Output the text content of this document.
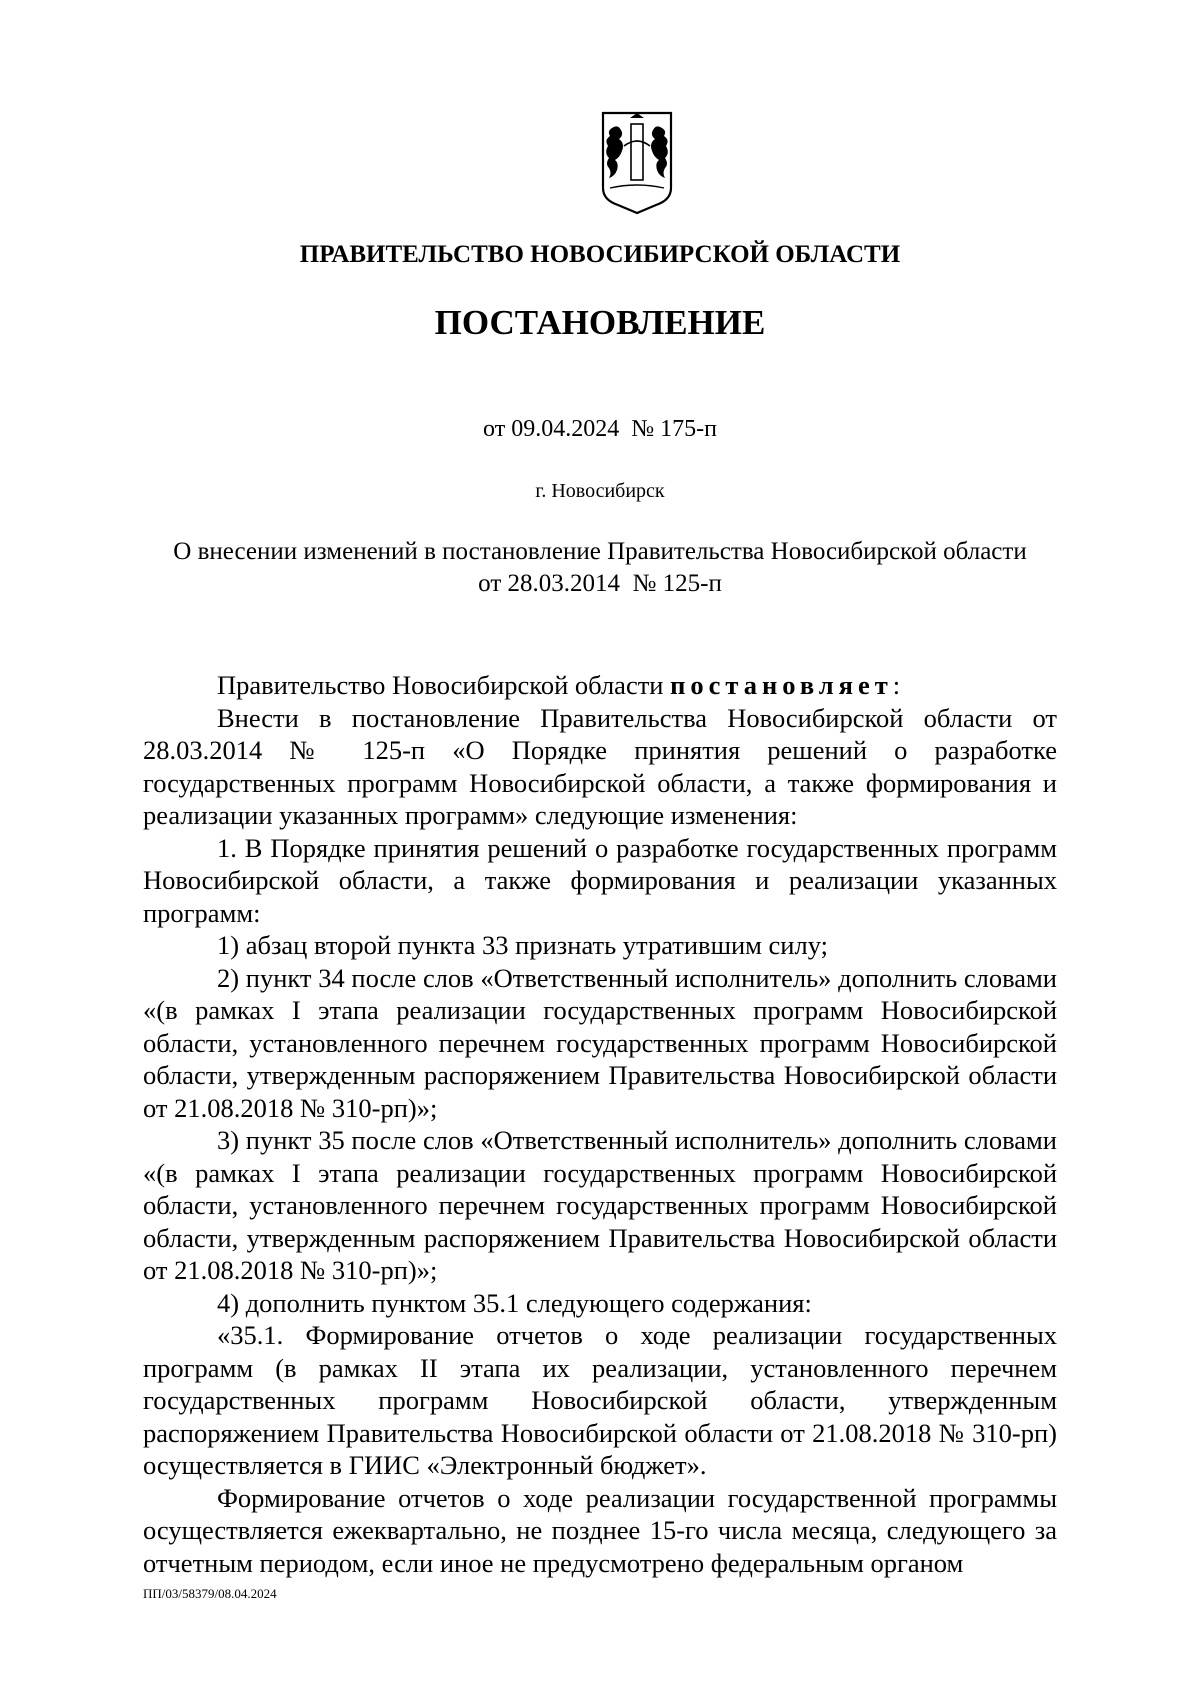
ПРАВИТЕЛЬСТВО НОВОСИБИРСКОЙ ОБЛАСТИ
ПОСТАНОВЛЕНИЕ
от 09.04.2024  № 175-п
г. Новосибирск
О внесении изменений в постановление Правительства Новосибирской области
от 28.03.2014  № 125-п

Правительство Новосибирской области постановляет:

Внести в постановление Правительства Новосибирской области от 28.03.2014 № 125-п «О Порядке принятия решений о разработке государственных программ Новосибирской области, а также формирования и реализации указанных программ» следующие изменения:

1. В Порядке принятия решений о разработке государственных программ Новосибирской области, а также формирования и реализации указанных программ:

1) абзац второй пункта 33 признать утратившим силу;

2) пункт 34 после слов «Ответственный исполнитель» дополнить словами «(в рамках I этапа реализации государственных программ Новосибирской области, установленного перечнем государственных программ Новосибирской области, утвержденным распоряжением Правительства Новосибирской области от 21.08.2018 № 310-рп)»;

3) пункт 35 после слов «Ответственный исполнитель» дополнить словами «(в рамках I этапа реализации государственных программ Новосибирской области, установленного перечнем государственных программ Новосибирской области, утвержденным распоряжением Правительства Новосибирской области от 21.08.2018 № 310-рп)»;

4) дополнить пунктом 35.1 следующего содержания:

«35.1. Формирование отчетов о ходе реализации государственных программ (в рамках II этапа их реализации, установленного перечнем государственных программ Новосибирской области, утвержденным распоряжением Правительства Новосибирской области от 21.08.2018 № 310-рп) осуществляется в ГИИС «Электронный бюджет».

Формирование отчетов о ходе реализации государственной программы осуществляется ежеквартально, не позднее 15-го числа месяца, следующего за отчетным периодом, если иное не предусмотрено федеральным органом

ПП/03/58379/08.04.2024
